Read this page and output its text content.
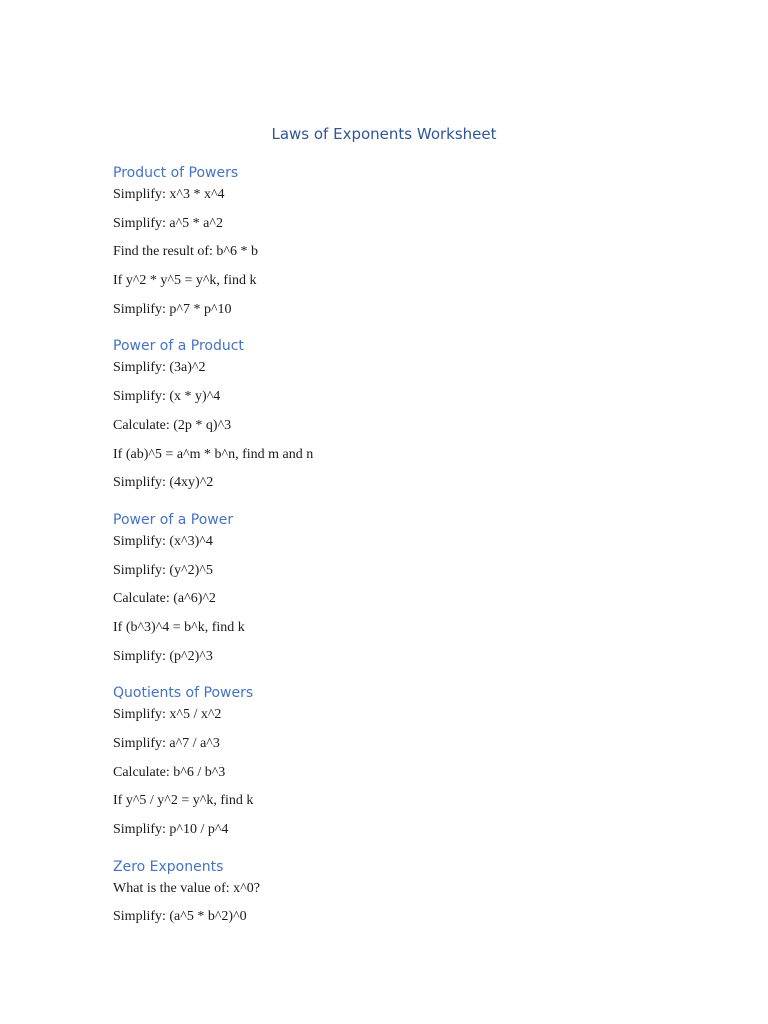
Laws of Exponents Worksheet
Product of Powers

Simplify: x^3 * x^4

Simplify: a^5 * a^2

Find the result of: b^6 * b

If y^2 * y^5 = y^k, find k

Simplify: p^7 * p^10

Power of a Product

Simplify: (3a)^2

Simplify: (x * y)^4

Calculate: (2p * q)^3

If (ab)^5 = a^m * b^n, find m and n

Simplify: (4xy)^2

Power of a Power

Simplify: (x^3)^4

Simplify: (y^2)^5

Calculate: (a^6)^2

If (b^3)^4 = b^k, find k

Simplify: (p^2)^3

Quotients of Powers

Simplify: x^5 / x^2

Simplify: a^7 / a^3

Calculate: b^6 / b^3

If y^5 / y^2 = y^k, find k

Simplify: p^10 / p^4

Zero Exponents

What is the value of: x^0?

Simplify: (a^5 * b^2)^0
